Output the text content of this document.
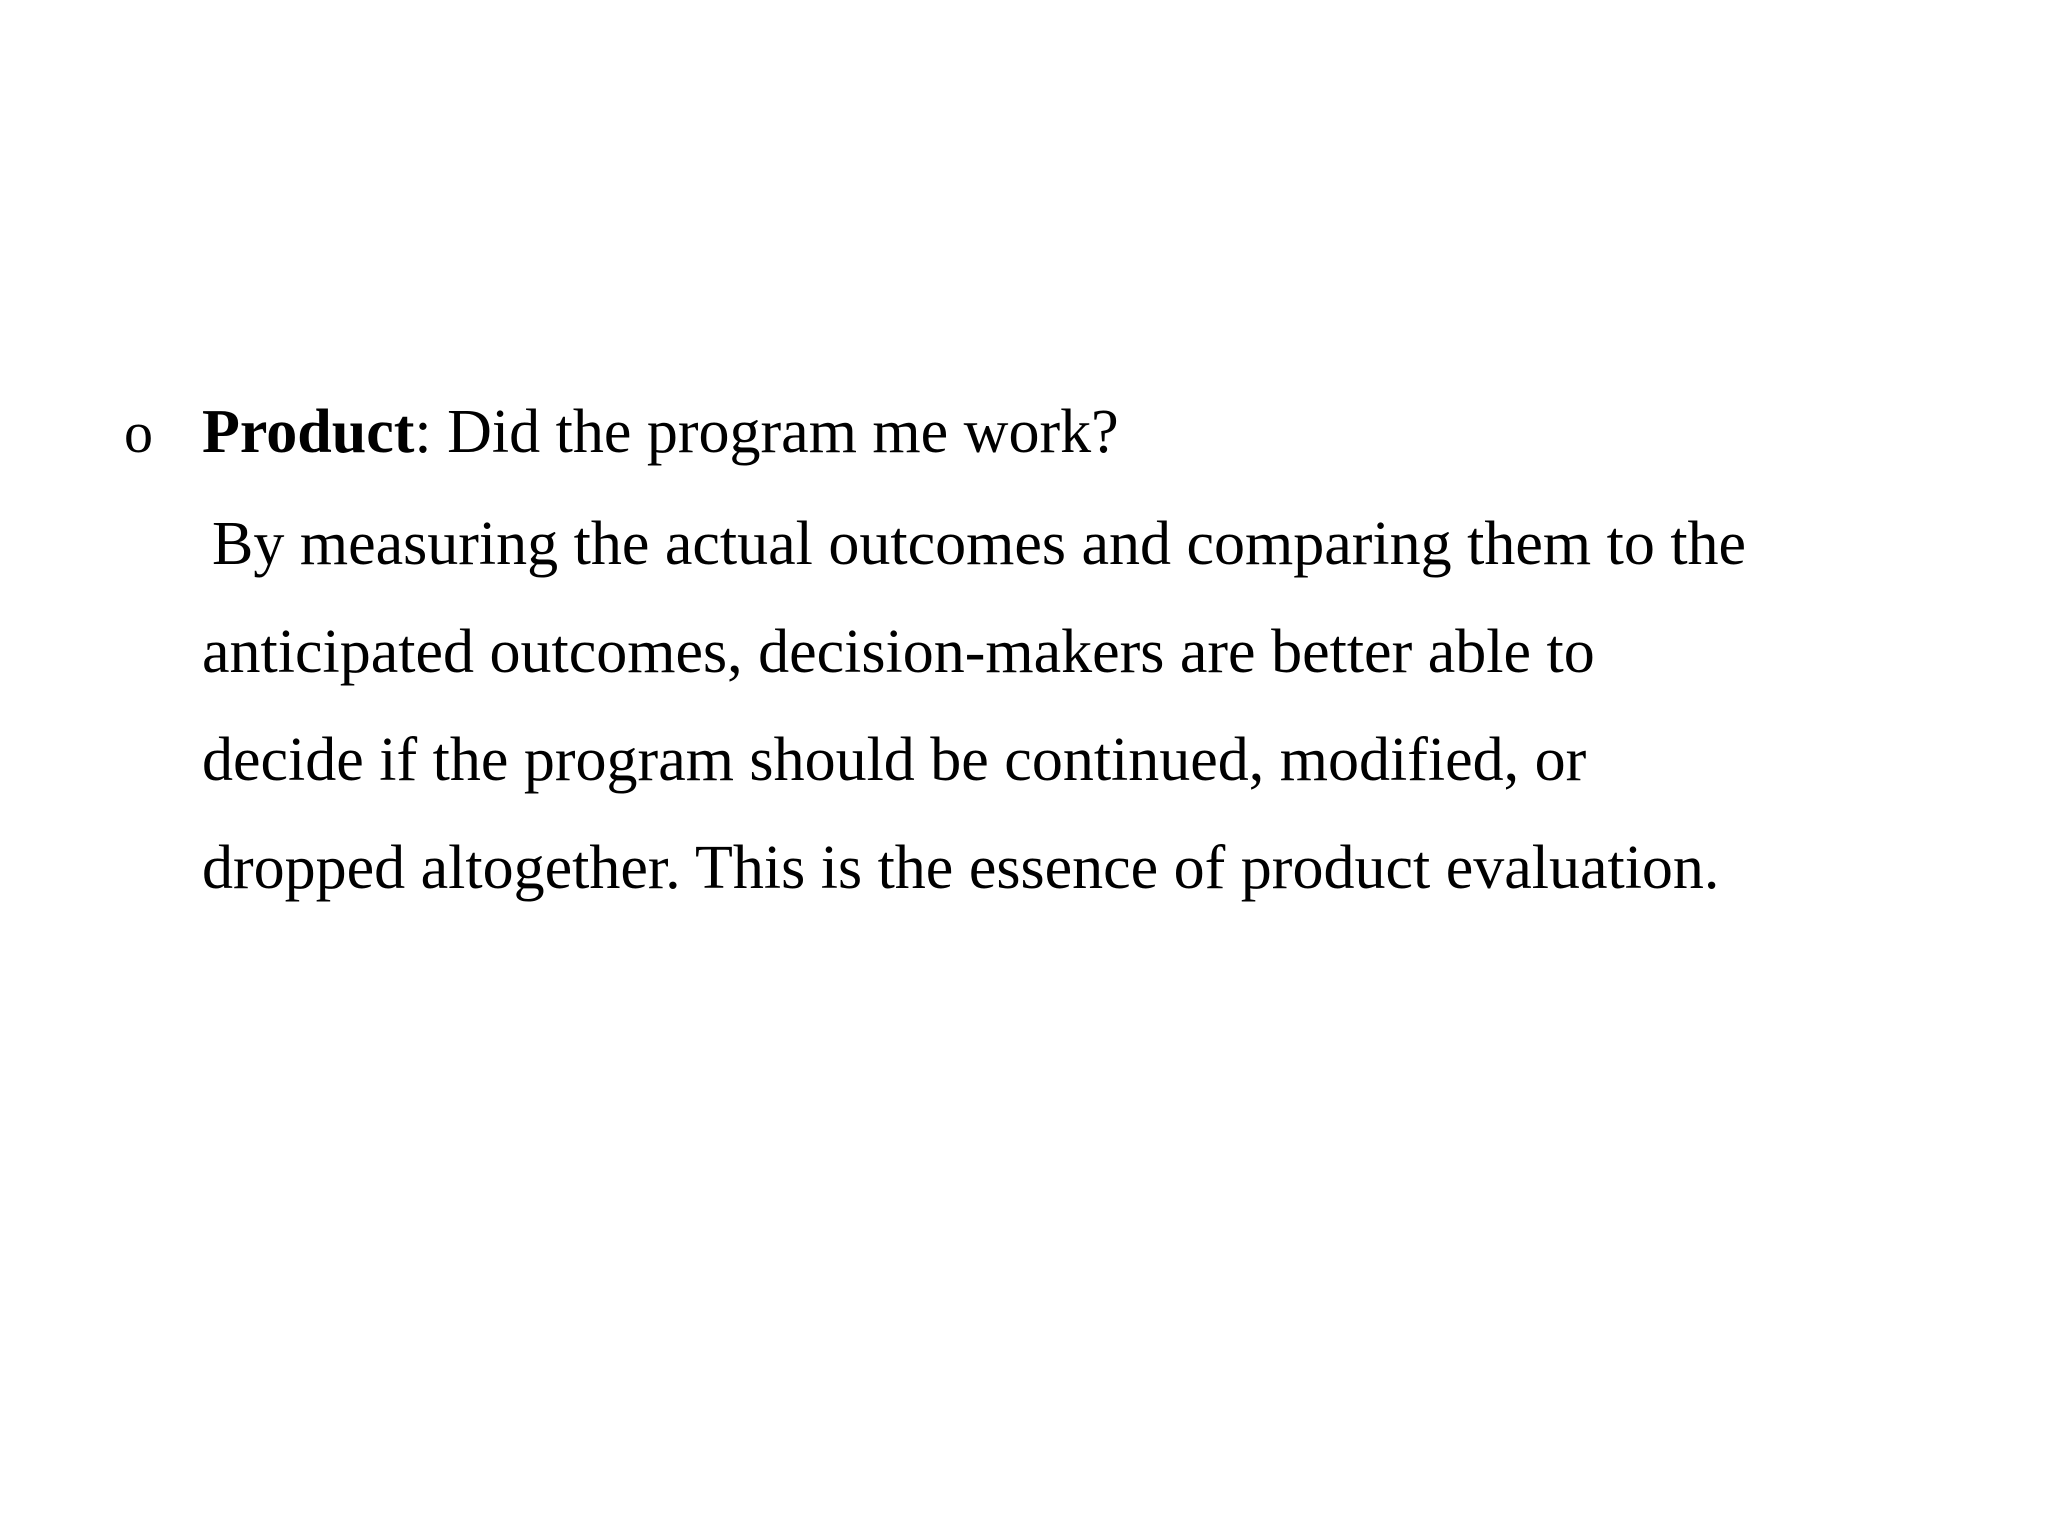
o Product: Did the program me work?
By measuring the actual outcomes and comparing them to the
anticipated outcomes, decision-makers are better able to
decide if the program should be continued, modified, or
dropped altogether. This is the essence of product evaluation.
